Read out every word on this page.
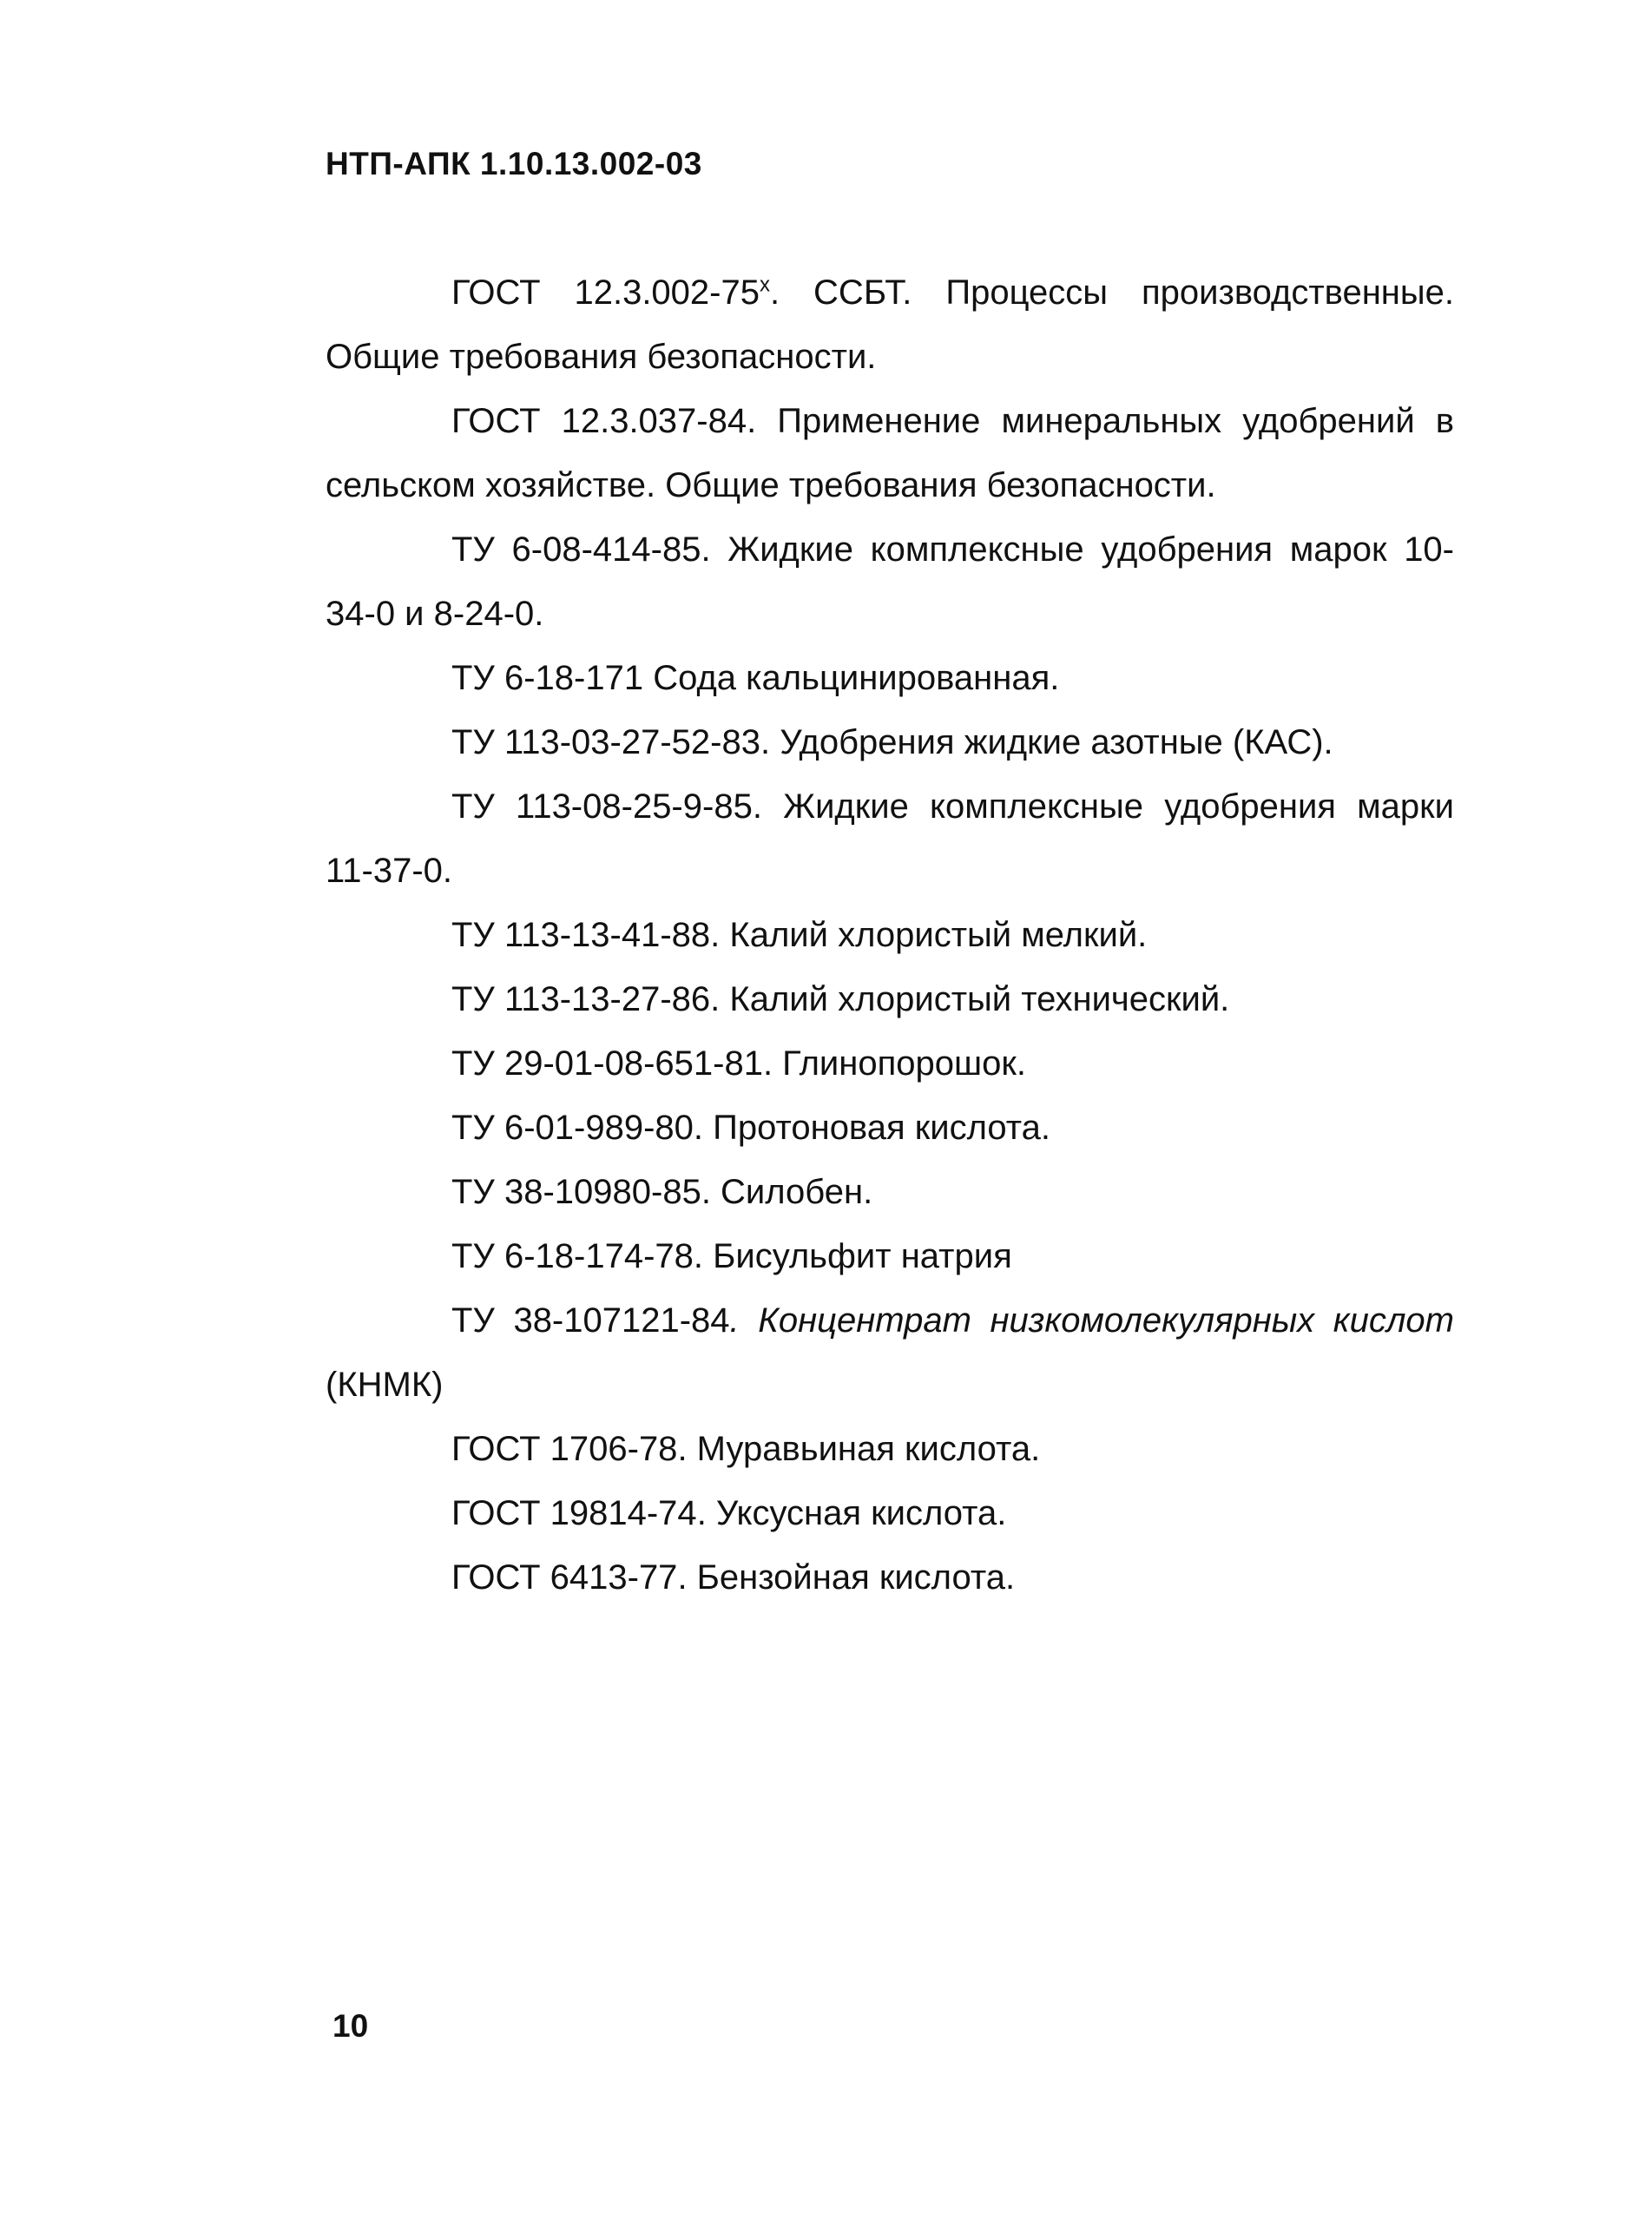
НТП-АПК 1.10.13.002-03

ГОСТ $12.3.002-75^х$. ССБТ. Процессы производственные. Общие требования безопасности.

ГОСТ 12.3.037-84. Применение минеральных удобрений в сельском хозяйстве. Общие требования безопасности.

ТУ 6-08-414-85. Жидкие комплексные удобрения марок 10-34-0 и 8-24-0.

ТУ 6-18-171 Сода кальцинированная.

ТУ 113-03-27-52-83. Удобрения жидкие азотные (КАС).

ТУ 113-08-25-9-85. Жидкие комплексные удобрения марки 11-37-0.

ТУ 113-13-41-88. Калий хлористый мелкий.

ТУ 113-13-27-86. Калий хлористый технический.

ТУ 29-01-08-651-81. Глинопорошок.

ТУ 6-01-989-80. Протоновая кислота.

ТУ 38-10980-85. Силобен.

ТУ 6-18-174-78. Бисульфит натрия

ТУ 38-107121-84. Концентрат низкомолекулярных кислот (КНМК)

ГОСТ 1706-78. Муравьиная кислота.

ГОСТ 19814-74. Уксусная кислота.

ГОСТ 6413-77. Бензойная кислота.

10
